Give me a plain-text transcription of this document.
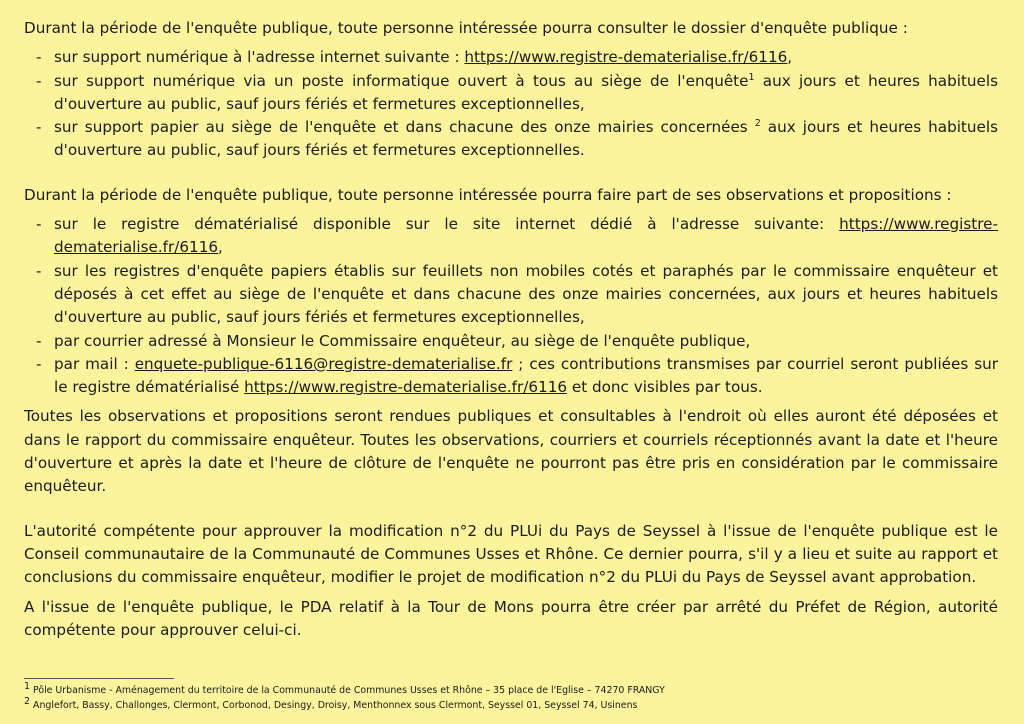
Durant la période de l'enquête publique, toute personne intéressée pourra consulter le dossier d'enquête publique :

- sur support numérique à l'adresse internet suivante : https://www.registre-dematerialise.fr/6116,
- sur support numérique via un poste informatique ouvert à tous au siège de l'enquête$^1$ aux jours et heures habituels d'ouverture au public, sauf jours fériés et fermetures exceptionnelles,
- sur support papier au siège de l'enquête et dans chacune des onze mairies concernées $^2$ aux jours et heures habituels d'ouverture au public, sauf jours fériés et fermetures exceptionnelles.

Durant la période de l'enquête publique, toute personne intéressée pourra faire part de ses observations et propositions :

- sur le registre dématérialisé disponible sur le site internet dédié à l'adresse suivante: https://www.registre-dematerialise.fr/6116,
- sur les registres d'enquête papiers établis sur feuillets non mobiles cotés et paraphés par le commissaire enquêteur et déposés à cet effet au siège de l'enquête et dans chacune des onze mairies concernées, aux jours et heures habituels d'ouverture au public, sauf jours fériés et fermetures exceptionnelles,
- par courrier adressé à Monsieur le Commissaire enquêteur, au siège de l'enquête publique,
- par mail : enquete-publique-6116@registre-dematerialise.fr ; ces contributions transmises par courriel seront publiées sur le registre dématérialisé https://www.registre-dematerialise.fr/6116 et donc visibles par tous.

Toutes les observations et propositions seront rendues publiques et consultables à l'endroit où elles auront été déposées et dans le rapport du commissaire enquêteur. Toutes les observations, courriers et courriels réceptionnés avant la date et l'heure d'ouverture et après la date et l'heure de clôture de l'enquête ne pourront pas être pris en considération par le commissaire enquêteur.

L'autorité compétente pour approuver la modification n°2 du PLUi du Pays de Seyssel à l'issue de l'enquête publique est le Conseil communautaire de la Communauté de Communes Usses et Rhône. Ce dernier pourra, s'il y a lieu et suite au rapport et conclusions du commissaire enquêteur, modifier le projet de modification n°2 du PLUi du Pays de Seyssel avant approbation.

A l'issue de l'enquête publique, le PDA relatif à la Tour de Mons pourra être créer par arrêté du Préfet de Région, autorité compétente pour approuver celui-ci.

$^1$ Pôle Urbanisme - Aménagement du territoire de la Communauté de Communes Usses et Rhône – 35 place de l'Eglise – 74270 FRANGY
$^2$ Anglefort, Bassy, Challonges, Clermont, Corbonod, Desingy, Droisy, Menthonnex sous Clermont, Seyssel 01, Seyssel 74, Usinens
